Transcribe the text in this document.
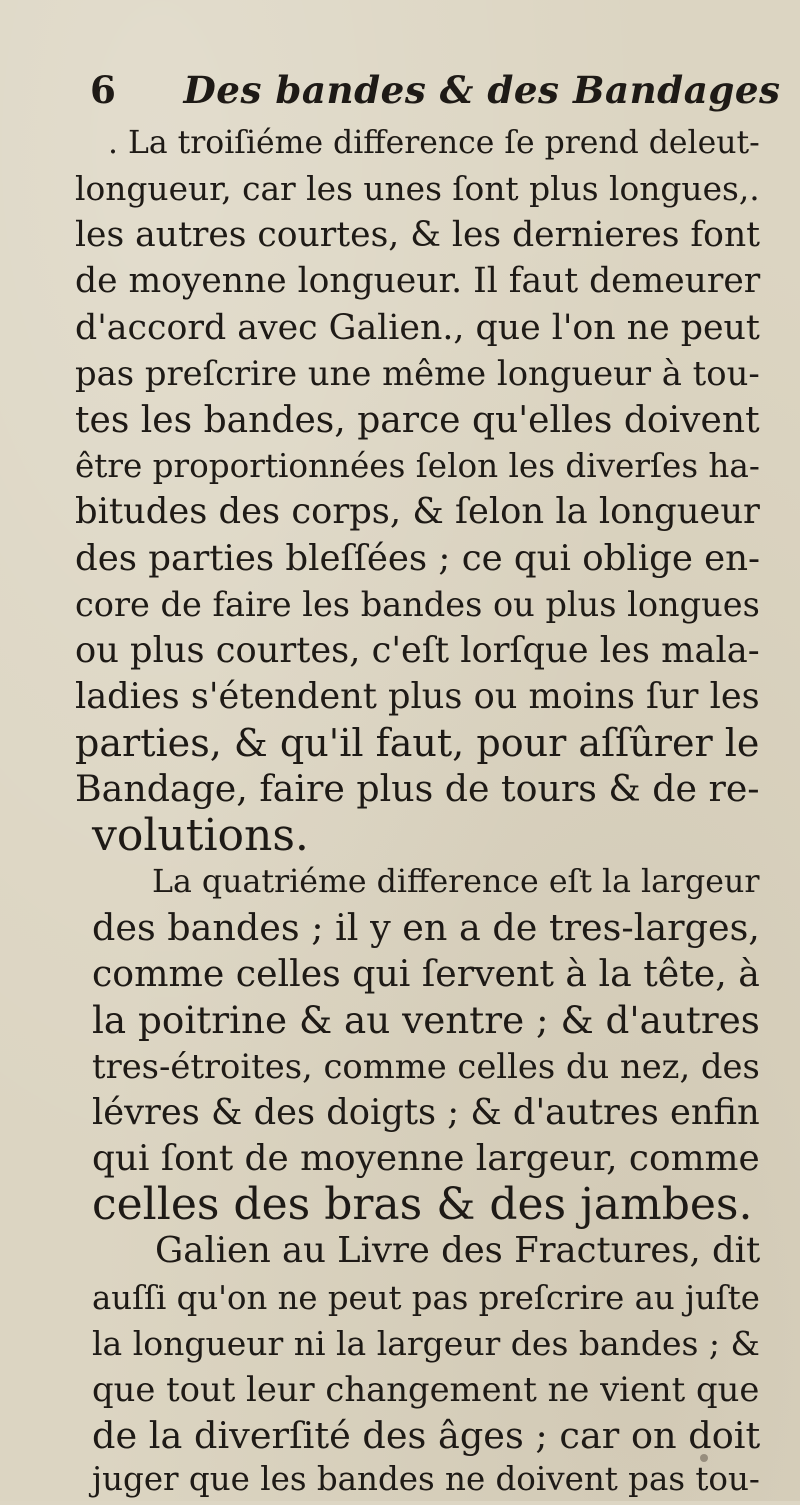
6 Des bandes & des Bandages
. La troiſiéme difference ſe prend deleut-
longueur, car les unes ſont plus longues,.
les autres courtes, & les dernieres font
de moyenne longueur. Il faut demeurer
d'accord avec Galien., que l'on ne peut
pas preſcrire une même longueur à tou-
tes les bandes, parce qu'elles doivent
être proportionnées ſelon les diverſes ha-
bitudes des corps, & ſelon la longueur
des parties bleſſées ; ce qui oblige en-
core de faire les bandes ou plus longues
ou plus courtes, c'eſt lorſque les mala-
ladies s'étendent plus ou moins ſur les
parties, & qu'il faut, pour aſſûrer le
Bandage, faire plus de tours & de re-
volutions.
La quatriéme difference eſt la largeur
des bandes ; il y en a de tres-larges,
comme celles qui ſervent à la tête, à
la poitrine & au ventre ; & d'autres
tres-étroites, comme celles du nez, des
lévres & des doigts ; & d'autres enfin
qui ſont de moyenne largeur, comme
celles des bras & des jambes.
Galien au Livre des Fractures, dit
auſſi qu'on ne peut pas preſcrire au juſte
la longueur ni la largeur des bandes ; &
que tout leur changement ne vient que
de la diverſité des âges ; car on doit
juger que les bandes ne doivent pas tou-
